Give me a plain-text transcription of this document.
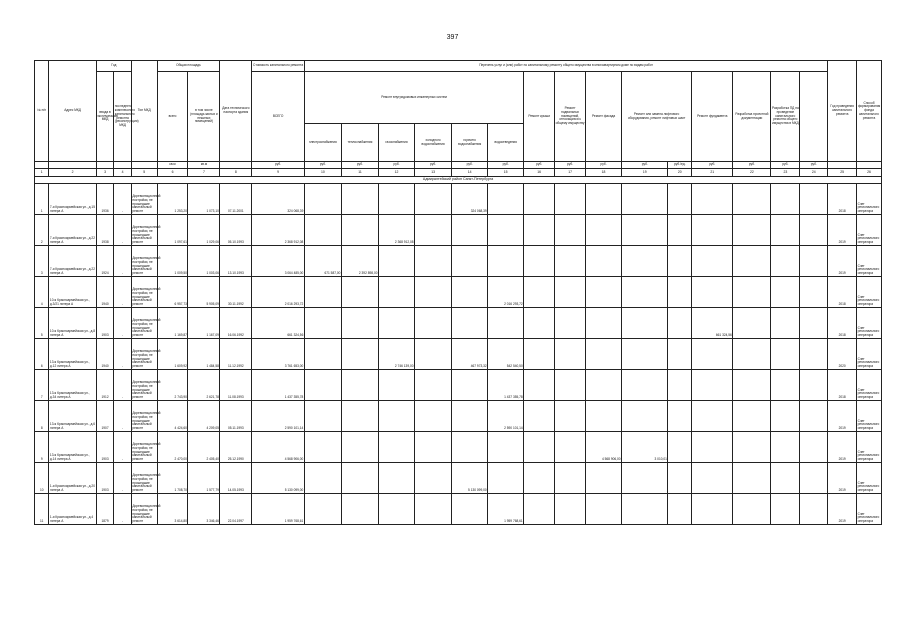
397
№ п/п	Адрес МКД	Год		Тип МКД	Общая площадь		Дата технического паспорта здания	Стоимость капитального ремонта	Перечень услуг и (или) работ по капитальному ремонту общего имущества в многоквартирном доме по видам работ															Год проведения капитального ремонта	Способ формирования фонда капитального ремонта
		ввода в эксплуатацию МКД	последнего комплексного капитального ремонта (реконструкции) МКД		всего	в том числе (площадь жилых и нежилых помещений)		ВСЕГО	Ремонт внутридомовых инженерных систем						Ремонт крыши	Ремонт подвальных помещений, относящихся к общему имуществу	Ремонт фасада	Ремонт или замена лифтового оборудования, ремонт лифтовых шахт		Ремонт фундамента	Разработка проектной документации	Разработка ПД на проведение капитального ремонта общего имущества в МКД			
									электроснабжения	теплоснабжения	газоснабжения	холодного водоснабжения	горячего водоснабжения	водоотведения											
					кв.м	кв.м		руб.	руб.	руб.	руб.	руб.	руб.	руб.	руб.	руб.	руб.	руб.	руб./ед.	руб.	руб.	руб.	руб.		
1	2	3	4	5	6	7	8	9	10	11	12	13	14	15	16	17	18	19	20	21	22	23	24	25	26
Адмиралтейский район Санкт-Петербурга																									
1	7-я Красноармейская ул., д.15 литера А	1936	-	Дореволюционный постройки, не прошедшие капитальный ремонт	1 253,20	1 073,10	07.11.2001	324 068,39					324 068,39											2018	Счет регионального оператора
2	7-я Красноармейская ул., д.22 литера А	1938	-	Дореволюционный постройки, не прошедшие капитальный ремонт	1 097,61	1 029,06	05.10.1993	2 368 912,08			2 368 912,08													2019	Счет регионального оператора
3	7-я Красноармейская ул., д.22 литера А	1924	-	Дореволюционный постройки, не прошедшие капитальный ремонт	1 009,50	1 003,06	13.10.1993	3 064 485,00	671 587,00	2 392 898,00														2019	Счет регионального оператора
4	10-я Красноармейская ул., д.3/21 литера А	1940	-	Дореволюционный постройки, не прошедшие капитальный ремонт	6 957,73	5 905,09	30.11.1992	2 016 293,72						2 016 293,72										2018	Счет регионального оператора
5	10-я Красноармейская ул., д.8 литера А	1903	-	Дореволюционный постройки, не прошедшие капитальный ремонт	1 169,87	1 167,09	16.06.1992	661 324,56												661 324,56				2018	Счет регионального оператора
6	13-я Красноармейская ул., д.12 литера А	1940	-	Дореволюционный постройки, не прошедшие капитальный ремонт	1 609,92	1 484,58	11.12.1992	3 761 653,00			2 746 139,00		467 973,32	542 540,50										2020	Счет регионального оператора
7	13-я Красноармейская ул., д.34 литера А	1912	-	Дореволюционный постройки, не прошедшие капитальный ремонт	2 743,90	2 621,78	11.08.1993	1 437 355,78						1 437 355,78										2018	Счет регионального оператора
8	13-я Красноармейская ул., д.6 литера А	1907	-	Дореволюционный постройки, не прошедшие капитальный ремонт	4 424,60	4 209,05	05.11.1993	2 590 101,14						2 590 101,14										2019	Счет регионального оператора
9	13-я Красноармейская ул., д.14 литера А	1903	-	Дореволюционный постройки, не прошедшие капитальный ремонт	2 470,00	2 405,40	25.12.1990	4 568 906,00									4 568 906,00	3 010,01						2019	Счет регионального оператора
10	1-я Красноармейская ул., д.20 литера А	1903	-	Дореволюционный постройки, не прошедшие капитальный ремонт	1 708,70	1 577,79	14.05.1993	5 130 099,00					5 130 099,00											2019	Счет регионального оператора
11	1-я Красноармейская ул., д.4 литера А	1879	-	Дореволюционный постройки, не прошедшие капитальный ремонт	3 614,80	3 346,46	22.04.1997	1 959 768,61						1 959 768,61										2019	Счет регионального оператора
